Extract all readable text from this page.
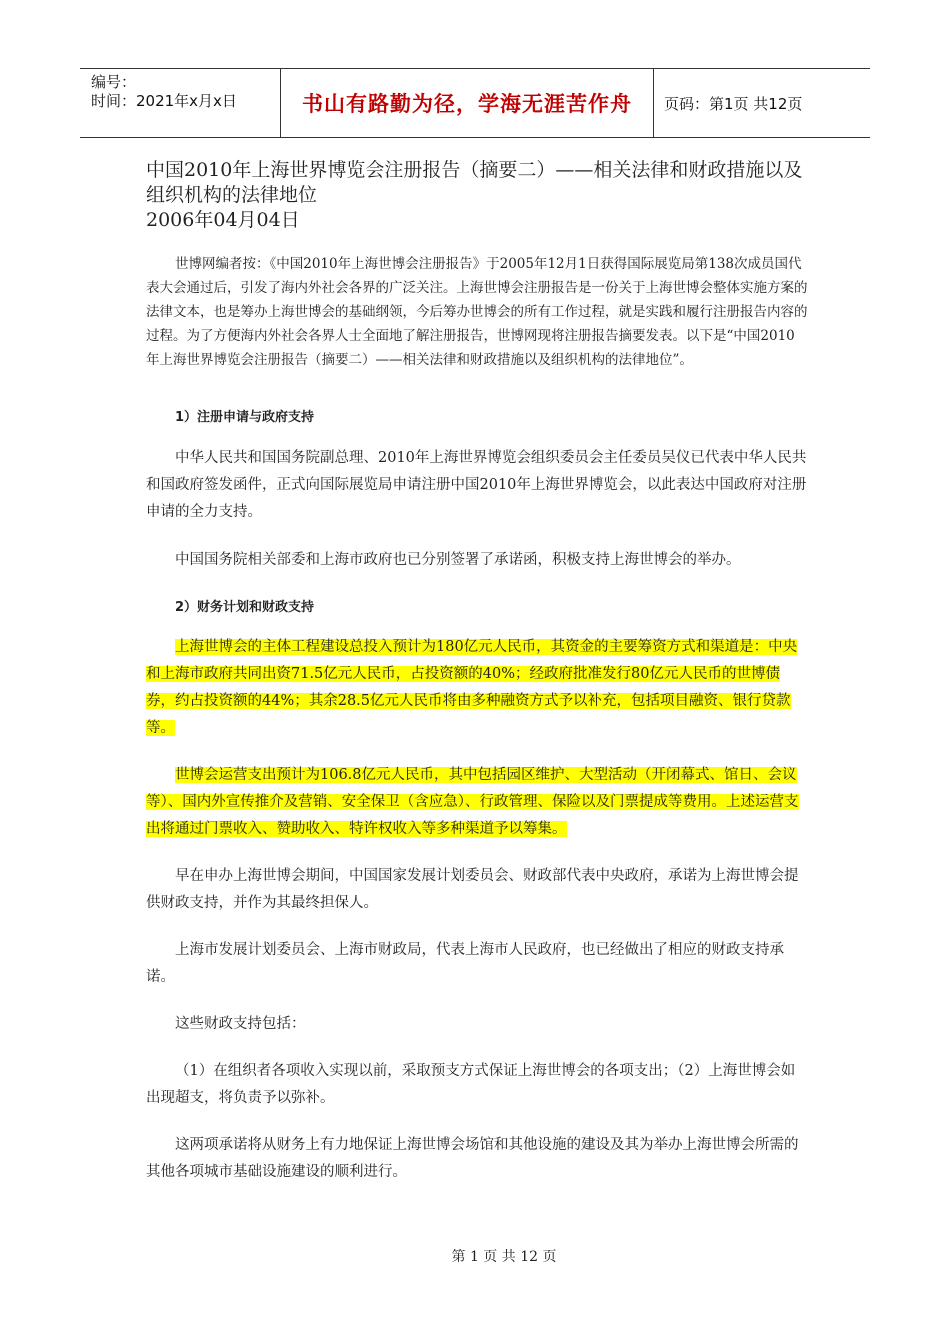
编号：
时间：2021年x月x日	书山有路勤为径，学海无涯苦作舟	页码：第1页 共12页
中国2010年上海世界博览会注册报告（摘要二）——相关法律和财政措施以及
组织机构的法律地位
2006年04月04日

世博网编者按：《中国2010年上海世博会注册报告》于2005年12月1日获得国际展览局第138次成员国代表大会通过后，引发了海内外社会各界的广泛关注。上海世博会注册报告是一份关于上海世博会整体实施方案的法律文本，也是筹办上海世博会的基础纲领，今后筹办世博会的所有工作过程，就是实践和履行注册报告内容的过程。为了方便海内外社会各界人士全面地了解注册报告，世博网现将注册报告摘要发表。以下是“中国2010年上海世界博览会注册报告（摘要二）——相关法律和财政措施以及组织机构的法律地位”。

1）注册申请与政府支持

中华人民共和国国务院副总理、2010年上海世界博览会组织委员会主任委员吴仪已代表中华人民共和国政府签发函件，正式向国际展览局申请注册中国2010年上海世界博览会，以此表达中国政府对注册申请的全力支持。

中国国务院相关部委和上海市政府也已分别签署了承诺函，积极支持上海世博会的举办。

2）财务计划和财政支持

上海世博会的主体工程建设总投入预计为180亿元人民币，其资金的主要筹资方式和渠道是：中央和上海市政府共同出资71.5亿元人民币，占投资额的40%；经政府批准发行80亿元人民币的世博债券，约占投资额的44%；其余28.5亿元人民币将由多种融资方式予以补充，包括项目融资、银行贷款等。

世博会运营支出预计为106.8亿元人民币，其中包括园区维护、大型活动（开闭幕式、馆日、会议等）、国内外宣传推介及营销、安全保卫（含应急）、行政管理、保险以及门票提成等费用。上述运营支出将通过门票收入、赞助收入、特许权收入等多种渠道予以筹集。

早在申办上海世博会期间，中国国家发展计划委员会、财政部代表中央政府，承诺为上海世博会提供财政支持，并作为其最终担保人。

上海市发展计划委员会、上海市财政局，代表上海市人民政府，也已经做出了相应的财政支持承诺。

这些财政支持包括：

（1）在组织者各项收入实现以前，采取预支方式保证上海世博会的各项支出；（2）上海世博会如出现超支，将负责予以弥补。

这两项承诺将从财务上有力地保证上海世博会场馆和其他设施的建设及其为举办上海世博会所需的其他各项城市基础设施建设的顺利进行。

第 1 页 共 12 页
